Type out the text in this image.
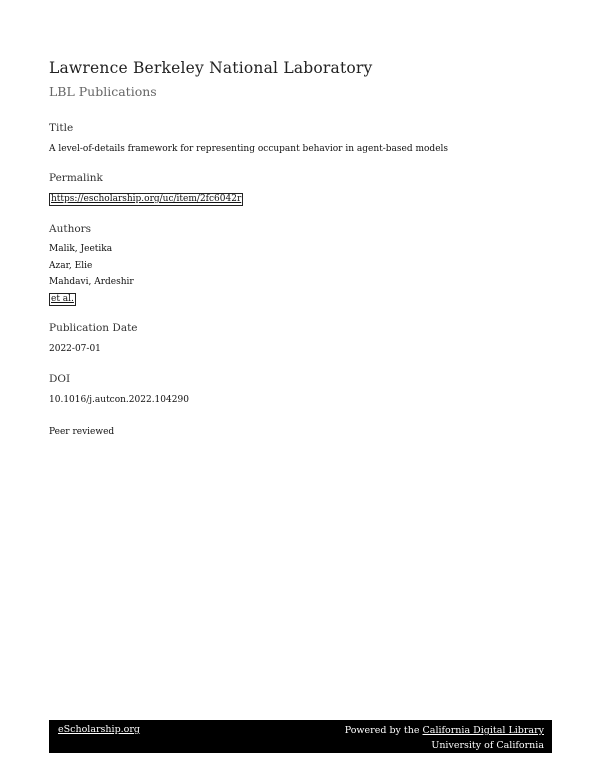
Lawrence Berkeley National Laboratory
LBL Publications
Title
A level-of-details framework for representing occupant behavior in agent-based models
Permalink
https://escholarship.org/uc/item/2fc6042r
Authors
Malik, Jeetika
Azar, Elie
Mahdavi, Ardeshir
et al.
Publication Date
2022-07-01
DOI
10.1016/j.autcon.2022.104290
Peer reviewed
eScholarship.org	Powered by the California Digital Library
University of California
